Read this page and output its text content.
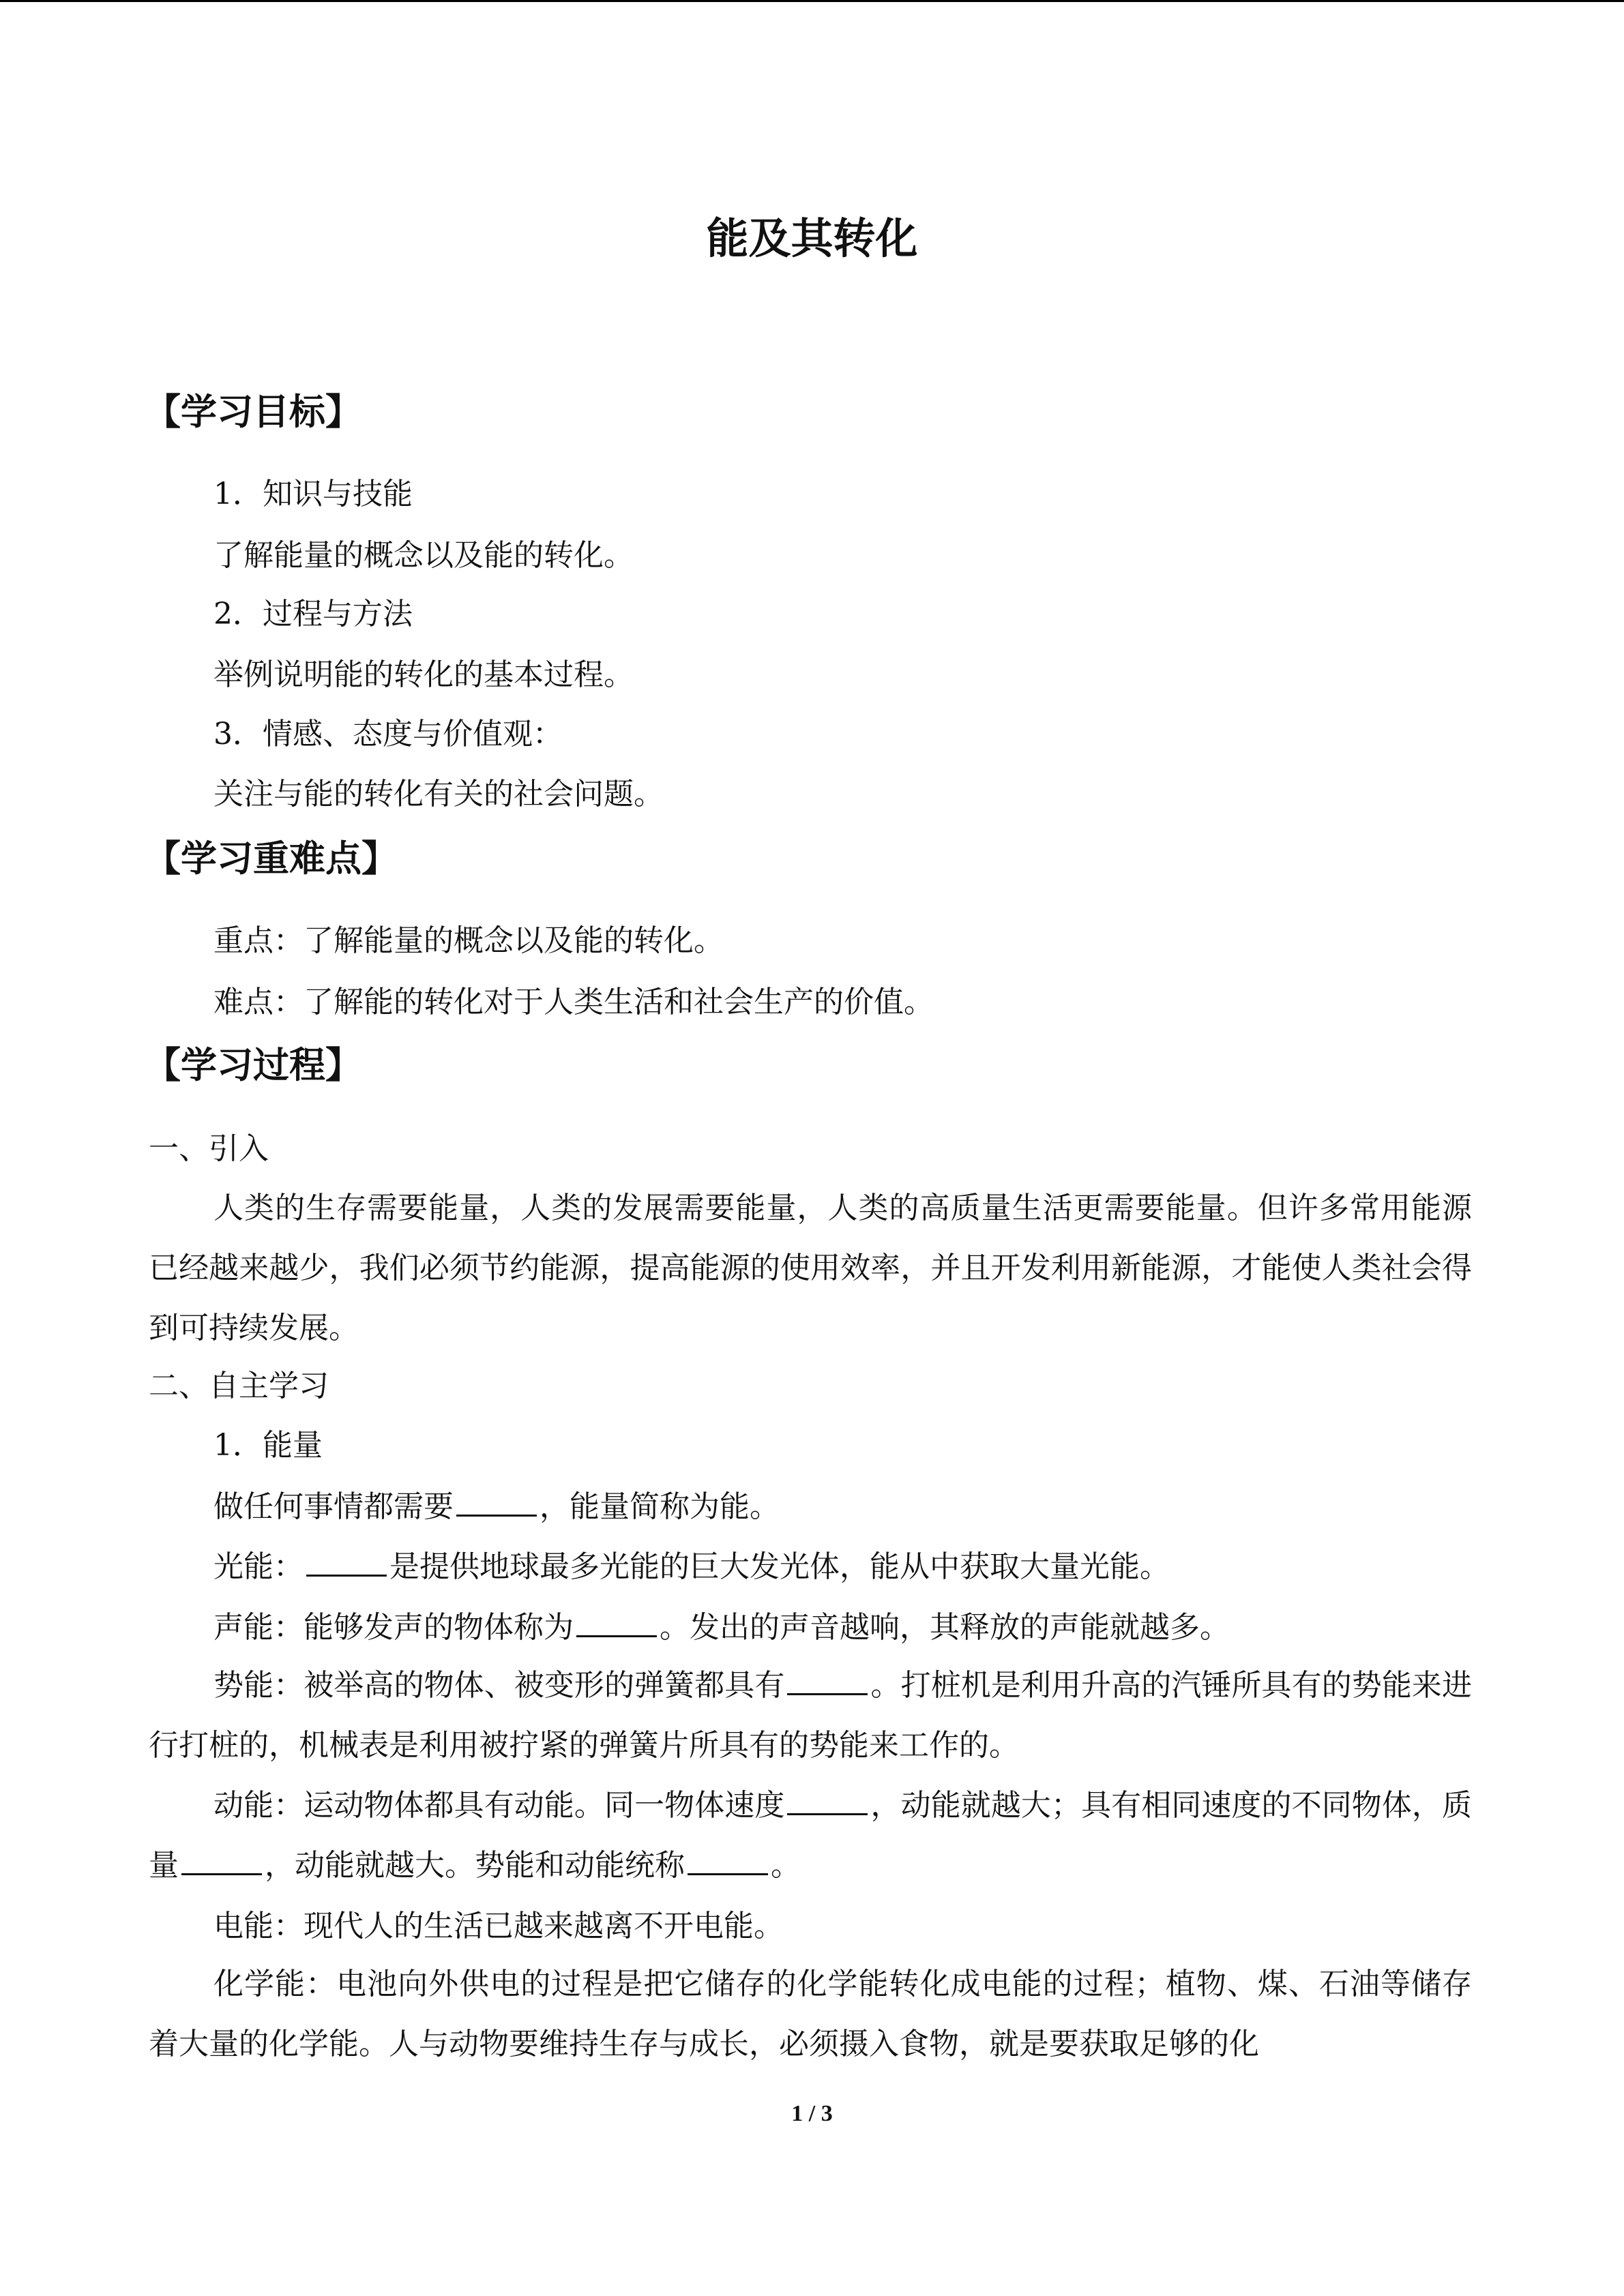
能及其转化
【学习目标】
1．知识与技能
了解能量的概念以及能的转化。
2．过程与方法
举例说明能的转化的基本过程。
3．情感、态度与价值观：
关注与能的转化有关的社会问题。
【学习重难点】
重点：了解能量的概念以及能的转化。
难点：了解能的转化对于人类生活和社会生产的价值。
【学习过程】
一、引入
人类的生存需要能量，人类的发展需要能量，人类的高质量生活更需要能量。但许多常用能源已经越来越少，我们必须节约能源，提高能源的使用效率，并且开发利用新能源，才能使人类社会得到可持续发展。
二、自主学习
1．能量
做任何事情都需要	，能量简称为能。
光能：	是提供地球最多光能的巨大发光体，能从中获取大量光能。
声能：能够发声的物体称为	。发出的声音越响，其释放的声能就越多。
势能：被举高的物体、被变形的弹簧都具有	。打桩机是利用升高的汽锤所具有的势能来进行打桩的，机械表是利用被拧紧的弹簧片所具有的势能来工作的。
动能：运动物体都具有动能。同一物体速度	，动能就越大；具有相同速度的不同物体，质量	，动能就越大。势能和动能统称	。
电能：现代人的生活已越来越离不开电能。
化学能：电池向外供电的过程是把它储存的化学能转化成电能的过程；植物、煤、石油等储存着大量的化学能。人与动物要维持生存与成长，必须摄入食物，就是要获取足够的化
1 / 3
